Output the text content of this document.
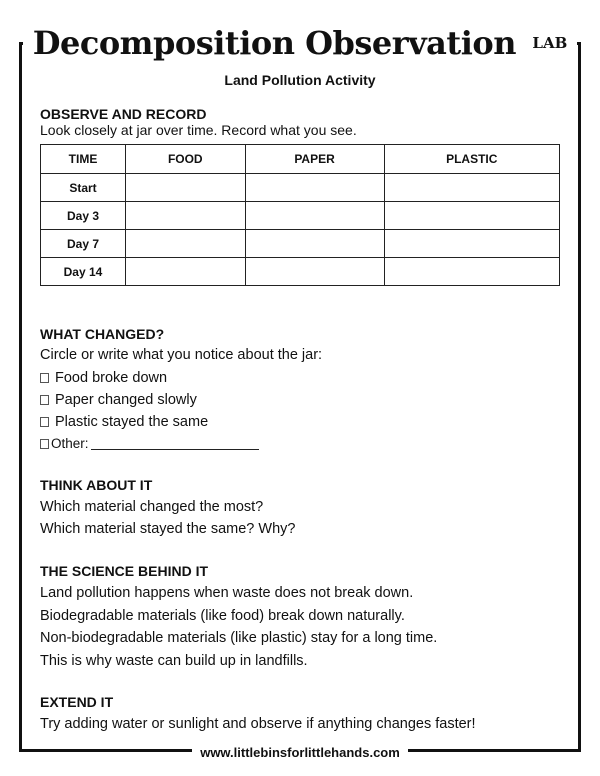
Decomposition Observation LAB
Land Pollution Activity
OBSERVE AND RECORD
Look closely at jar over time. Record what you see.
TIME	FOOD	PAPER	PLASTIC
Start			
Day 3			
Day 7			
Day 14			
WHAT CHANGED?
Circle or write what you notice about the jar:
Food broke down
Paper changed slowly
Plastic stayed the same
Other:
THINK ABOUT IT
Which material changed the most?
Which material stayed the same? Why?
THE SCIENCE BEHIND IT
Land pollution happens when waste does not break down.
Biodegradable materials (like food) break down naturally.
Non-biodegradable materials (like plastic) stay for a long time.
This is why waste can build up in landfills.
EXTEND IT
Try adding water or sunlight and observe if anything changes faster!
www.littlebinsforlittlehands.com
